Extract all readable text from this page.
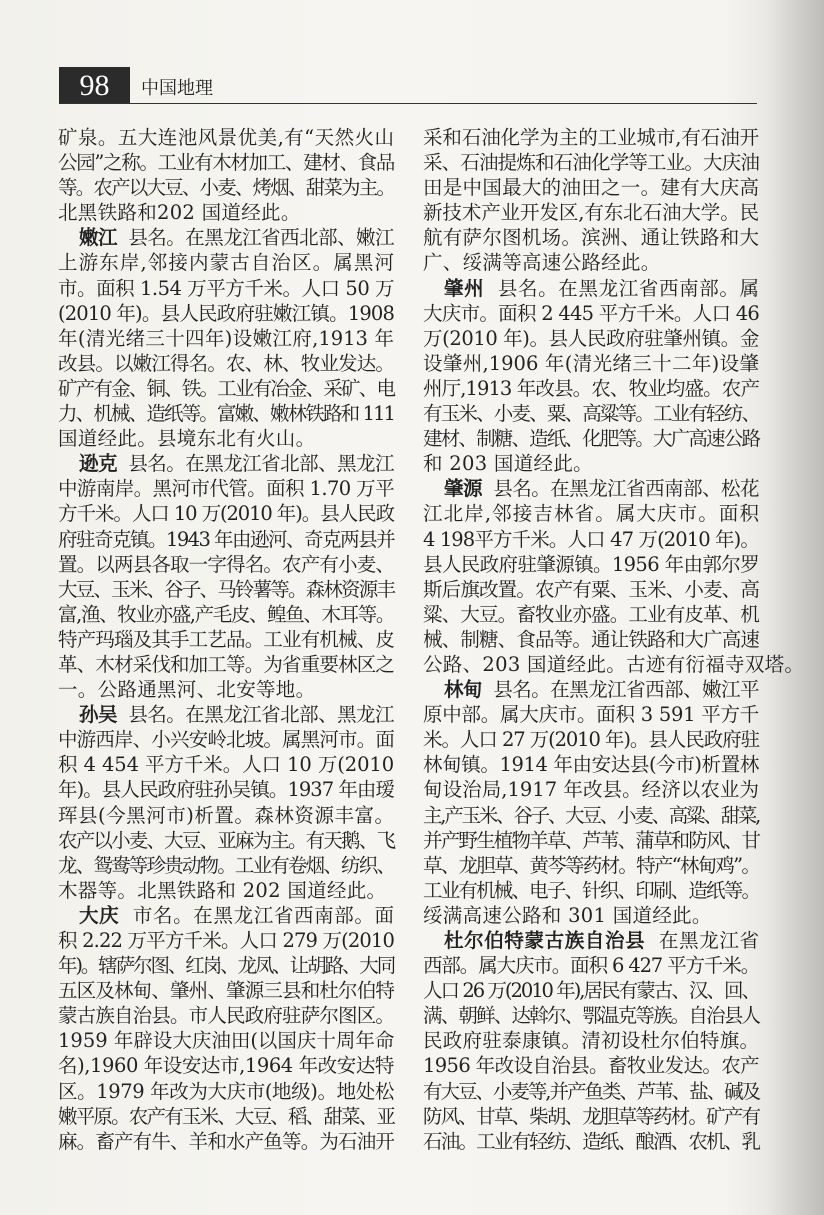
98	中国地理
矿泉。五大连池风景优美,有“天然火山
公园”之称。工业有木材加工、建材、食品
等。农产以大豆、小麦、烤烟、甜菜为主。
北黑铁路和202 国道经此。
嫩江  县名。在黑龙江省西北部、嫩江
上游东岸,邻接内蒙古自治区。属黑河
市。面积 1.54 万平方千米。人口 50 万
(2010 年)。县人民政府驻嫩江镇。1908
年(清光绪三十四年)设嫩江府,1913 年
改县。以嫩江得名。农、林、牧业发达。
矿产有金、铜、铁。工业有冶金、采矿、电
力、机械、造纸等。富嫩、嫩林铁路和 111
国道经此。县境东北有火山。
逊克  县名。在黑龙江省北部、黑龙江
中游南岸。黑河市代管。面积 1.70 万平
方千米。人口 10 万(2010 年)。县人民政
府驻奇克镇。1943 年由逊河、奇克两县并
置。以两县各取一字得名。农产有小麦、
大豆、玉米、谷子、马铃薯等。森林资源丰
富,渔、牧业亦盛,产毛皮、鳇鱼、木耳等。
特产玛瑙及其手工艺品。工业有机械、皮
革、木材采伐和加工等。为省重要林区之
一。公路通黑河、北安等地。
孙吴  县名。在黑龙江省北部、黑龙江
中游西岸、小兴安岭北坡。属黑河市。面
积 4 454 平方千米。人口 10 万(2010
年)。县人民政府驻孙吴镇。1937 年由瑷
珲县(今黑河市)析置。森林资源丰富。
农产以小麦、大豆、亚麻为主。有天鹅、飞
龙、鸳鸯等珍贵动物。工业有卷烟、纺织、
木器等。北黑铁路和 202 国道经此。
大庆  市名。在黑龙江省西南部。面
积 2.22 万平方千米。人口 279 万(2010
年)。辖萨尔图、红岗、龙凤、让胡路、大同
五区及林甸、肇州、肇源三县和杜尔伯特
蒙古族自治县。市人民政府驻萨尔图区。
1959 年辟设大庆油田(以国庆十周年命
名),1960 年设安达市,1964 年改安达特
区。1979 年改为大庆市(地级)。地处松
嫩平原。农产有玉米、大豆、稻、甜菜、亚
麻。畜产有牛、羊和水产鱼等。为石油开
采和石油化学为主的工业城市,有石油开
采、石油提炼和石油化学等工业。大庆油
田是中国最大的油田之一。建有大庆高
新技术产业开发区,有东北石油大学。民
航有萨尔图机场。滨洲、通让铁路和大
广、绥满等高速公路经此。
肇州  县名。在黑龙江省西南部。属
大庆市。面积 2 445 平方千米。人口 46
万(2010 年)。县人民政府驻肇州镇。金
设肇州,1906 年(清光绪三十二年)设肇
州厅,1913 年改县。农、牧业均盛。农产
有玉米、小麦、粟、高粱等。工业有轻纺、
建材、制糖、造纸、化肥等。大广高速公路
和 203 国道经此。
肇源  县名。在黑龙江省西南部、松花
江北岸,邻接吉林省。属大庆市。面积
4 198平方千米。人口 47 万(2010 年)。
县人民政府驻肇源镇。1956 年由郭尔罗
斯后旗改置。农产有粟、玉米、小麦、高
粱、大豆。畜牧业亦盛。工业有皮革、机
械、制糖、食品等。通让铁路和大广高速
公路、203 国道经此。古迹有衍福寺双塔。
林甸  县名。在黑龙江省西部、嫩江平
原中部。属大庆市。面积 3 591 平方千
米。人口 27 万(2010 年)。县人民政府驻
林甸镇。1914 年由安达县(今市)析置林
甸设治局,1917 年改县。经济以农业为
主,产玉米、谷子、大豆、小麦、高粱、甜菜,
并产野生植物羊草、芦苇、蒲草和防风、甘
草、龙胆草、黄芩等药材。特产“林甸鸡”。
工业有机械、电子、针织、印刷、造纸等。
绥满高速公路和 301 国道经此。
杜尔伯特蒙古族自治县  在黑龙江省
西部。属大庆市。面积 6 427 平方千米。
人口 26 万(2010 年),居民有蒙古、汉、回、
满、朝鲜、达斡尔、鄂温克等族。自治县人
民政府驻泰康镇。清初设杜尔伯特旗。
1956 年改设自治县。畜牧业发达。农产
有大豆、小麦等,并产鱼类、芦苇、盐、碱及
防风、甘草、柴胡、龙胆草等药材。矿产有
石油。工业有轻纺、造纸、酿酒、农机、乳
